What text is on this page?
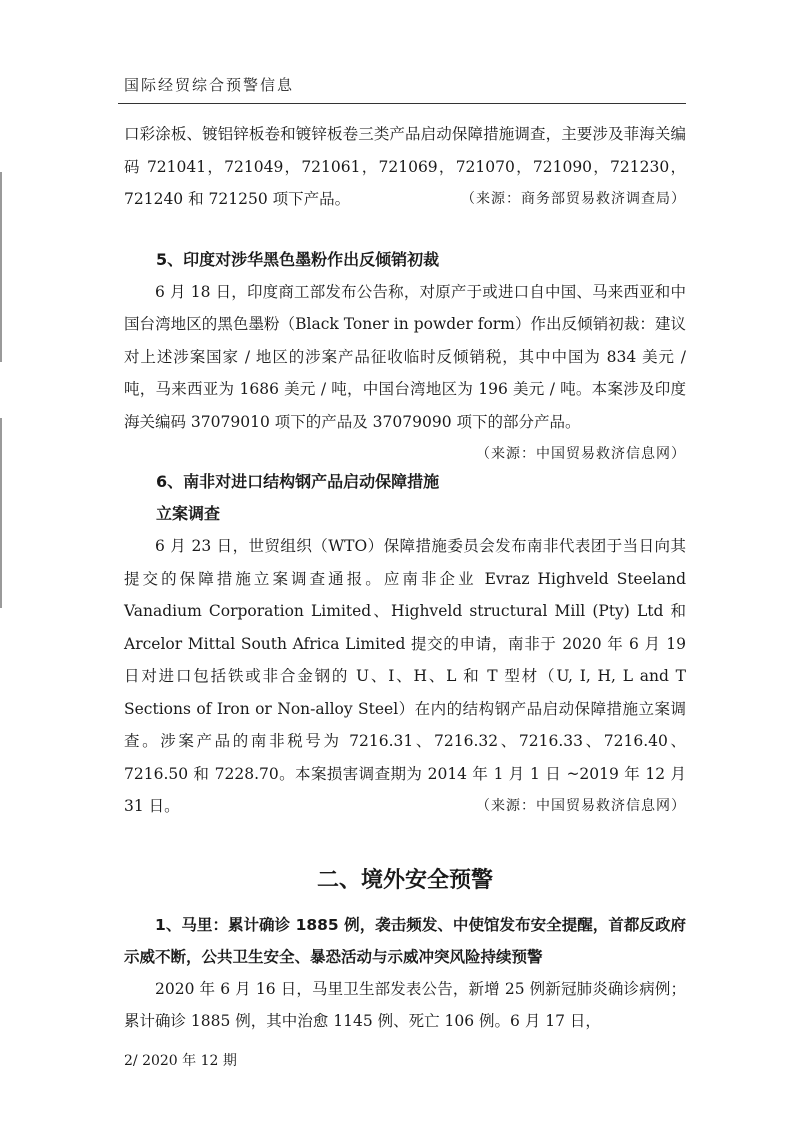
国际经贸综合预警信息

口彩涂板、镀铝锌板卷和镀锌板卷三类产品启动保障措施调查，主要涉及菲海关编码 721041，721049，721061，721069，721070，721090，721230，721240 和 721250 项下产品。	（来源：商务部贸易救济调查局）

5、印度对涉华黑色墨粉作出反倾销初裁

6 月 18 日，印度商工部发布公告称，对原产于或进口自中国、马来西亚和中国台湾地区的黑色墨粉（Black Toner in powder form）作出反倾销初裁：建议对上述涉案国家 / 地区的涉案产品征收临时反倾销税，其中中国为 834 美元 / 吨，马来西亚为 1686 美元 / 吨，中国台湾地区为 196 美元 / 吨。本案涉及印度海关编码 37079010 项下的产品及 37079090 项下的部分产品。
（来源：中国贸易救济信息网）

6、南非对进口结构钢产品启动保障措施立案调查

6 月 23 日，世贸组织（WTO）保障措施委员会发布南非代表团于当日向其提交的保障措施立案调查通报。应南非企业 Evraz Highveld Steeland Vanadium Corporation Limited、Highveld structural Mill (Pty) Ltd 和 Arcelor Mittal South Africa Limited 提交的申请，南非于 2020 年 6 月 19 日对进口包括铁或非合金钢的 U、I、H、L 和 T 型材（U, I, H, L and T Sections of Iron or Non-alloy Steel）在内的结构钢产品启动保障措施立案调查。涉案产品的南非税号为 7216.31、7216.32、7216.33、7216.40、7216.50 和 7228.70。本案损害调查期为 2014 年 1 月 1 日 ~2019 年 12 月 31 日。	（来源：中国贸易救济信息网）

二、境外安全预警

1、马里：累计确诊 1885 例，袭击频发、中使馆发布安全提醒，首都反政府示威不断，公共卫生安全、暴恐活动与示威冲突风险持续预警

2020 年 6 月 16 日，马里卫生部发表公告，新增 25 例新冠肺炎确诊病例；累计确诊 1885 例，其中治愈 1145 例、死亡 106 例。6 月 17 日，

2/ 2020 年 12 期
